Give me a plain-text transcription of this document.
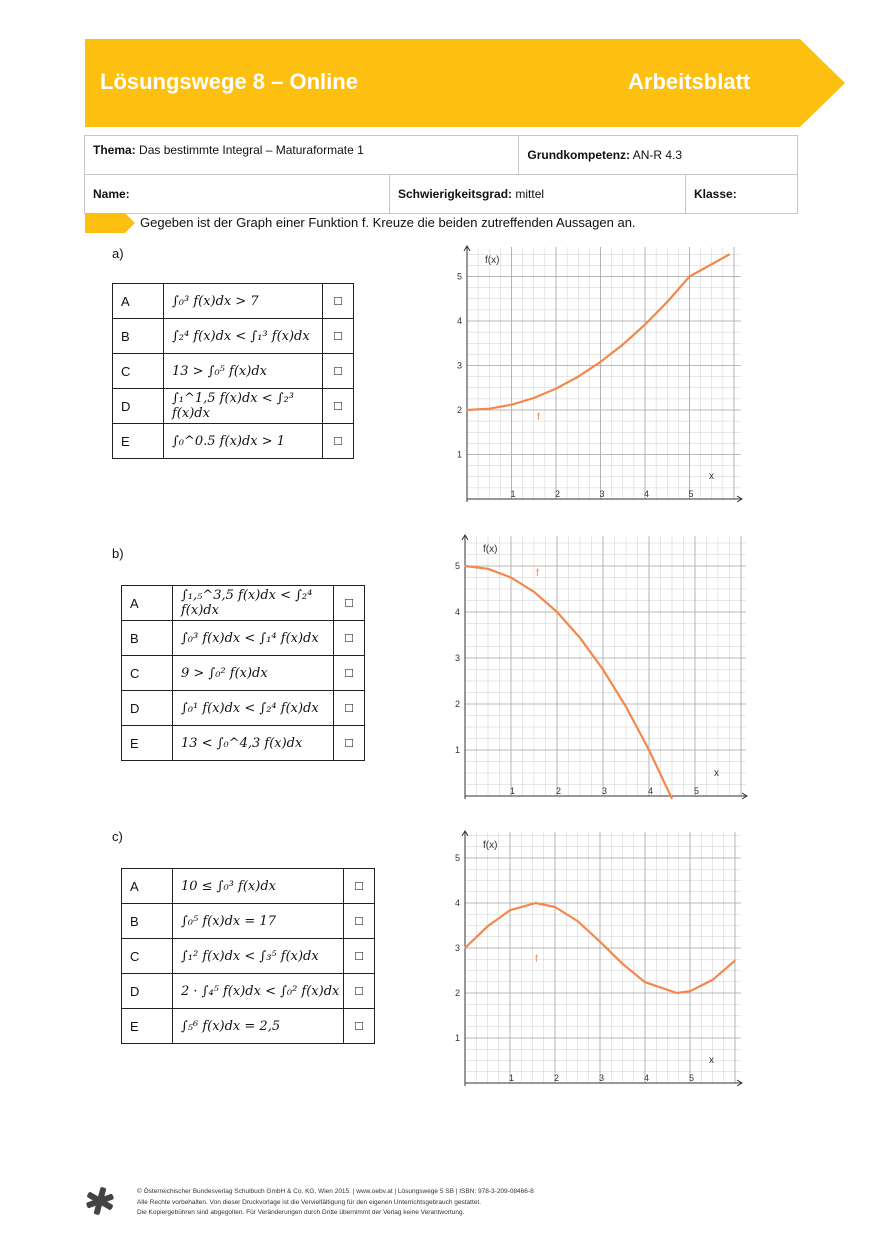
Lösungswege 8 – Online	Arbeitsblatt
Thema: Das bestimmte Integral – Maturaformate 1		Grundkompetenz: AN-R 4.3	
Name:	Schwierigkeitsgrad: mittel		Klasse:
Gegeben ist der Graph einer Funktion f. Kreuze die beiden zutreffenden Aussagen an.
a)
A	∫₀³ f(x)dx > 7	☐
B	∫₂⁴ f(x)dx < ∫₁³ f(x)dx	☐
C	13 > ∫₀⁵ f(x)dx	☐
D	∫₁^1,5 f(x)dx < ∫₂³ f(x)dx	☐
E	∫₀^0.5 f(x)dx > 1	☐
b)
A	∫₁,₅^3,5 f(x)dx < ∫₂⁴ f(x)dx	☐
B	∫₀³ f(x)dx < ∫₁⁴ f(x)dx	☐
C	9 > ∫₀² f(x)dx	☐
D	∫₀¹ f(x)dx < ∫₂⁴ f(x)dx	☐
E	13 < ∫₀^4,3 f(x)dx	☐
c)
A	10 ≤ ∫₀³ f(x)dx	☐
B	∫₀⁵ f(x)dx = 17	☐
C	∫₁² f(x)dx < ∫₃⁵ f(x)dx	☐
D	2 · ∫₄⁵ f(x)dx < ∫₀² f(x)dx	☐
E	∫₅⁶ f(x)dx = 2,5	☐
1	2	3	4	5
1
2
3
4
5
f(x)
x
f
1	2	3	4	5
1
2
3
4
5
f(x)
x
f
1	2	3	4	5
1
2
3
4
5
f(x)
x
f
© Österreichischer Bundesverlag Schulbuch GmbH & Co. KG, Wien 2015. | www.oebv.at | Lösungswege 5 SB | ISBN: 978-3-209-08466-8
Alle Rechte vorbehalten. Von dieser Druckvorlage ist die Vervielfältigung für den eigenen Unterrichtsgebrauch gestattet.
Die Kopiergebühren sind abgegolten. Für Veränderungen durch Dritte übernimmt der Verlag keine Verantwortung.
